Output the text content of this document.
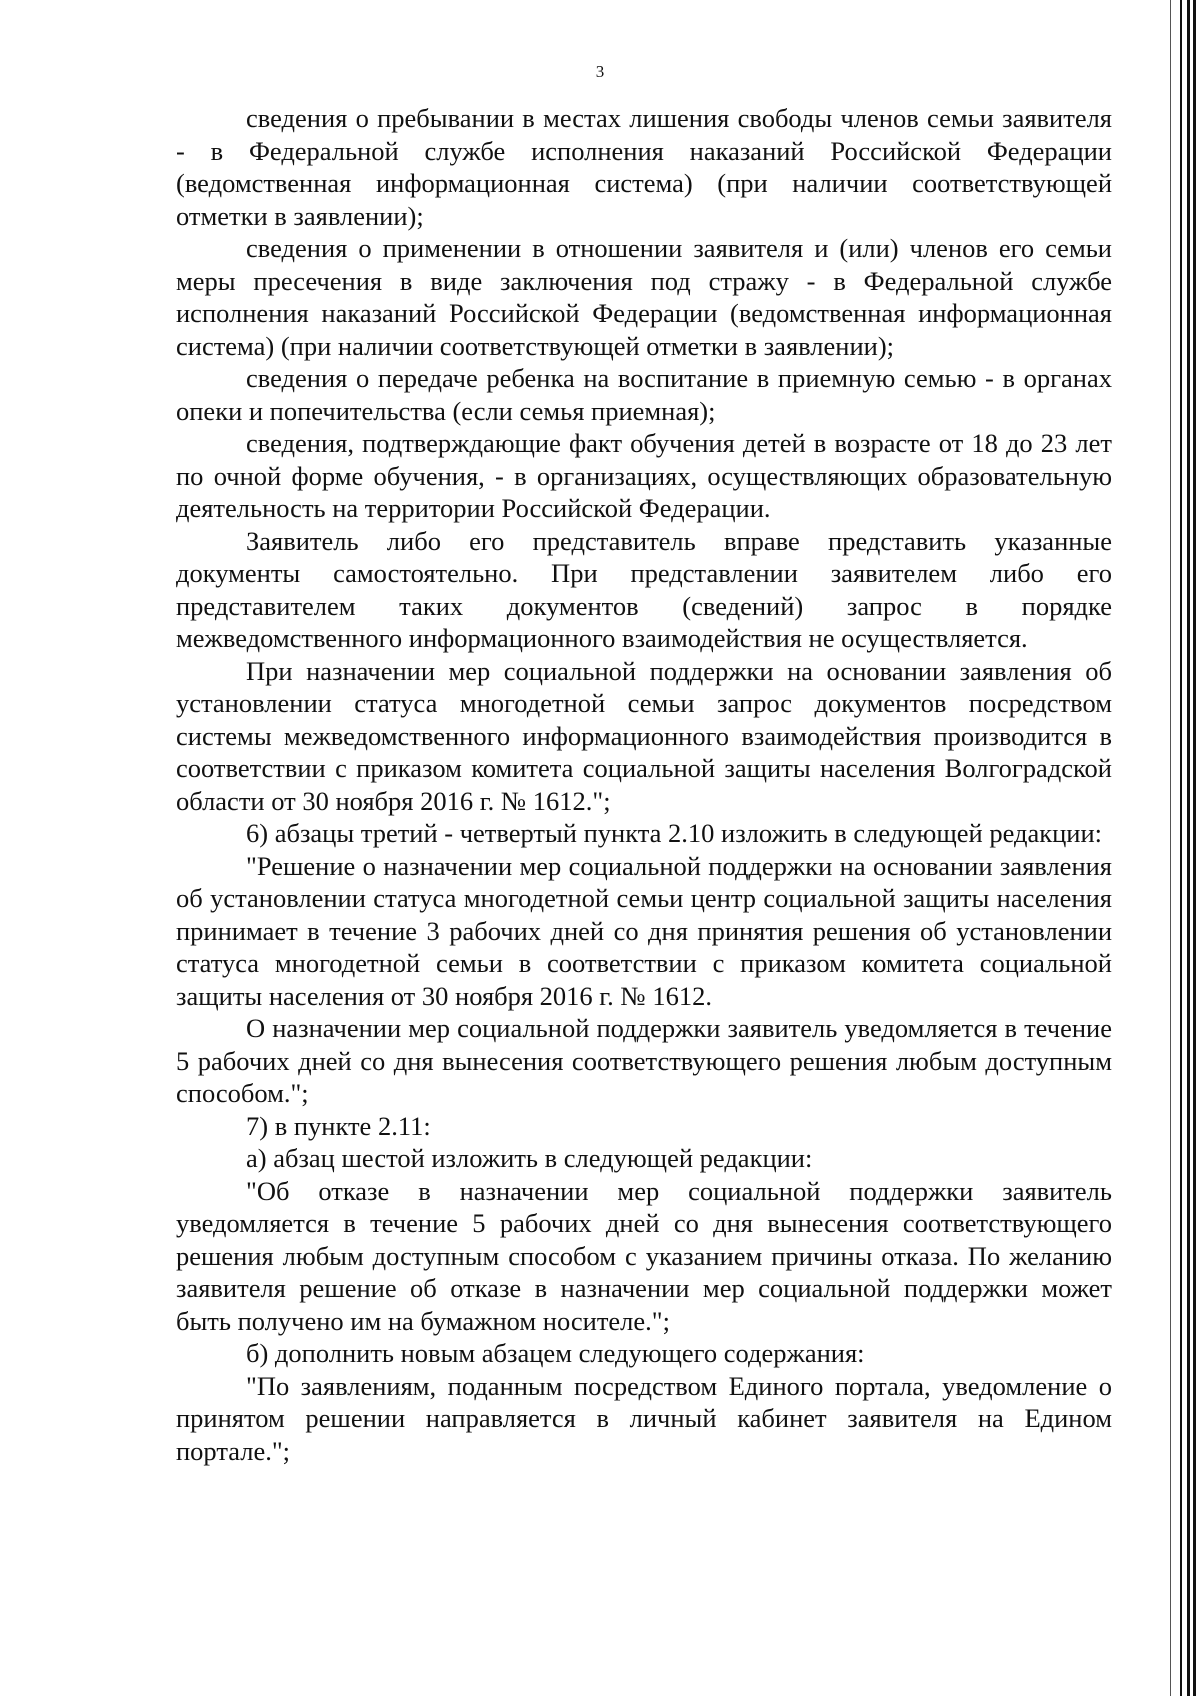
3

сведения о пребывании в местах лишения свободы членов семьи заявителя - в Федеральной службе исполнения наказаний Российской Федерации (ведомственная информационная система) (при наличии соответствующей отметки в заявлении);

сведения о применении в отношении заявителя и (или) членов его семьи меры пресечения в виде заключения под стражу - в Федеральной службе исполнения наказаний Российской Федерации (ведомственная информационная система) (при наличии соответствующей отметки в заявлении);

сведения о передаче ребенка на воспитание в приемную семью - в органах опеки и попечительства (если семья приемная);

сведения, подтверждающие факт обучения детей в возрасте от 18 до 23 лет по очной форме обучения, - в организациях, осуществляющих образовательную деятельность на территории Российской Федерации.

Заявитель либо его представитель вправе представить указанные документы самостоятельно. При представлении заявителем либо его представителем таких документов (сведений) запрос в порядке межведомственного информационного взаимодействия не осуществляется.

При назначении мер социальной поддержки на основании заявления об установлении статуса многодетной семьи запрос документов посредством системы межведомственного информационного взаимодействия производится в соответствии с приказом комитета социальной защиты населения Волгоградской области от 30 ноября 2016 г. № 1612.";

6) абзацы третий - четвертый пункта 2.10 изложить в следующей редакции:

"Решение о назначении мер социальной поддержки на основании заявления об установлении статуса многодетной семьи центр социальной защиты населения принимает в течение 3 рабочих дней со дня принятия решения об установлении статуса многодетной семьи в соответствии с приказом комитета социальной защиты населения от 30 ноября 2016 г. № 1612.

О назначении мер социальной поддержки заявитель уведомляется в течение 5 рабочих дней со дня вынесения соответствующего решения любым доступным способом.";

7) в пункте 2.11:

а) абзац шестой изложить в следующей редакции:

"Об отказе в назначении мер социальной поддержки заявитель уведомляется в течение 5 рабочих дней со дня вынесения соответствующего решения любым доступным способом с указанием причины отказа. По желанию заявителя решение об отказе в назначении мер социальной поддержки может быть получено им на бумажном носителе.";

б) дополнить новым абзацем следующего содержания:

"По заявлениям, поданным посредством Единого портала, уведомление о принятом решении направляется в личный кабинет заявителя на Едином портале.";
